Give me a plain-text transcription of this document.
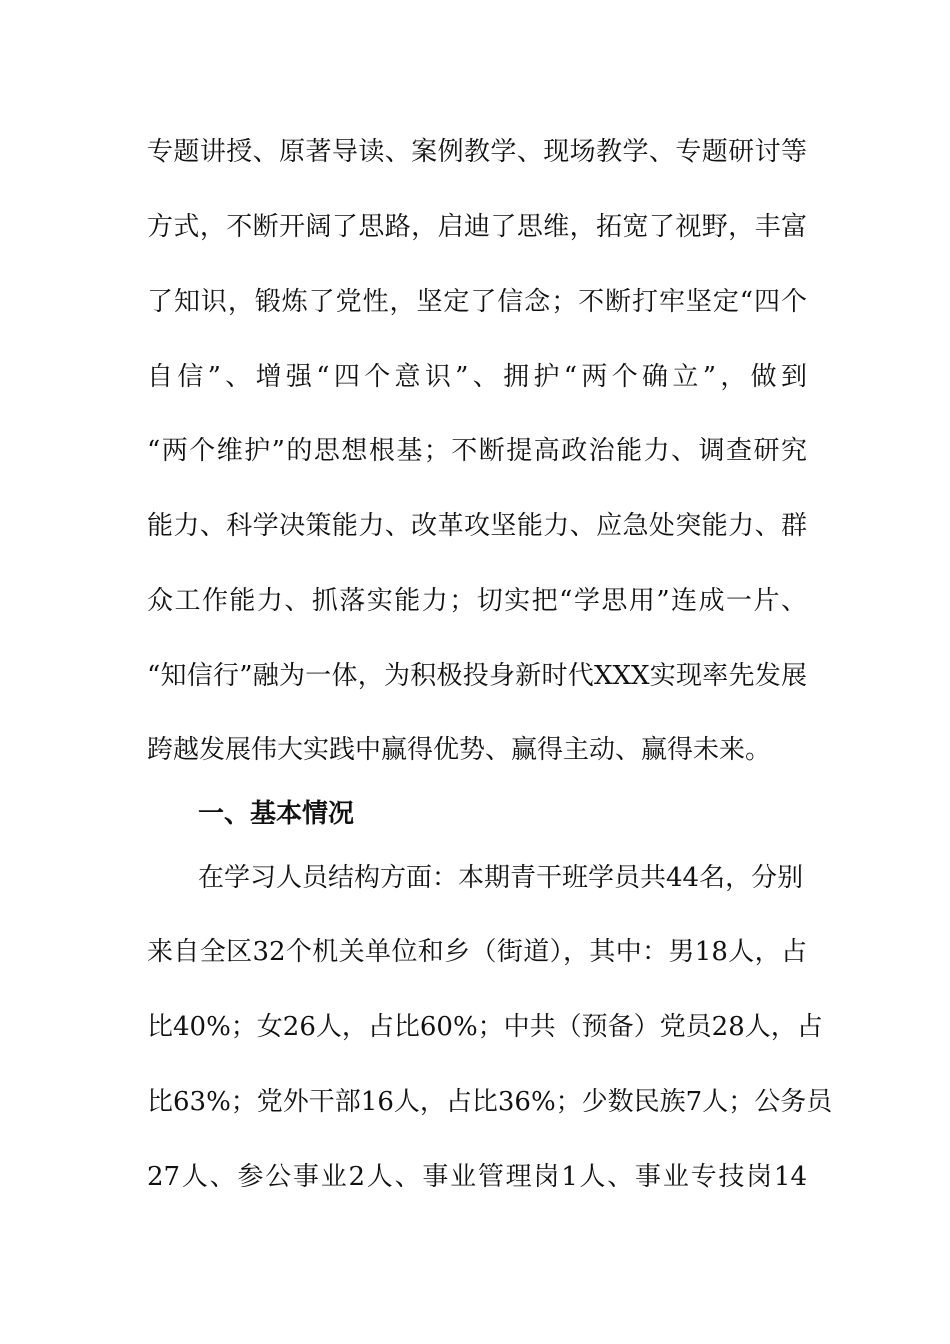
专题讲授、原著导读、案例教学、现场教学、专题研讨等
方式，不断开阔了思路，启迪了思维，拓宽了视野，丰富
了知识，锻炼了党性，坚定了信念；不断打牢坚定“四个
自信”、增强“四个意识”、拥护“两个确立”，做到
“两个维护”的思想根基；不断提高政治能力、调查研究
能力、科学决策能力、改革攻坚能力、应急处突能力、群
众工作能力、抓落实能力；切实把“学思用”连成一片、
“知信行”融为一体，为积极投身新时代XXX实现率先发展
跨越发展伟大实践中赢得优势、赢得主动、赢得未来。
一、基本情况
在学习人员结构方面：本期青干班学员共44名，分别
来自全区32个机关单位和乡（街道），其中：男18人，占
比40%；女26人，占比60%；中共（预备）党员28人，占
比63%；党外干部16人，占比36%；少数民族7人；公务员
27人、参公事业2人、事业管理岗1人、事业专技岗14
